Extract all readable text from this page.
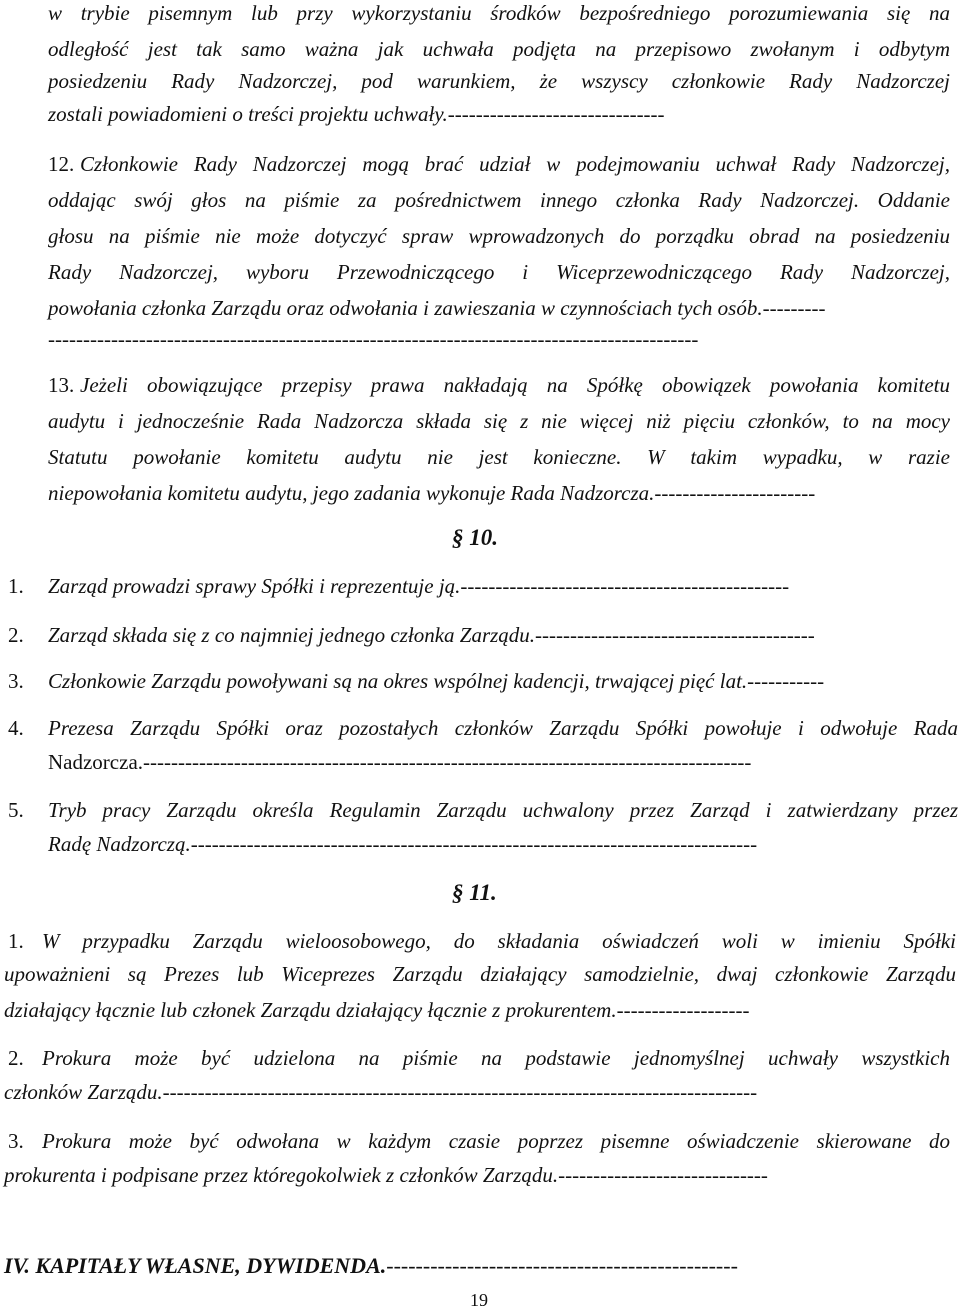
w trybie pisemnym lub przy wykorzystaniu środków bezpośredniego porozumiewania się na
odległość jest tak samo ważna jak uchwała podjęta na przepisowo zwołanym i odbytym
posiedzeniu Rady Nadzorczej, pod warunkiem, że wszyscy członkowie Rady Nadzorczej
zostali powiadomieni o treści projektu uchwały.-------------------------------
12. Członkowie Rady Nadzorczej mogą brać udział w podejmowaniu uchwał Rady Nadzorczej,
oddając swój głos na piśmie za pośrednictwem innego członka Rady Nadzorczej. Oddanie
głosu na piśmie nie może dotyczyć spraw wprowadzonych do porządku obrad na posiedzeniu
Rady Nadzorczej, wyboru Przewodniczącego i Wiceprzewodniczącego Rady Nadzorczej,
powołania członka Zarządu oraz odwołania i zawieszania w czynnościach tych osób.---------
---------------------------------------------------------------------------------------------
13. Jeżeli obowiązujące przepisy prawa nakładają na Spółkę obowiązek powołania komitetu
audytu i jednocześnie Rada Nadzorcza składa się z nie więcej niż pięciu członków, to na mocy
Statutu powołanie komitetu audytu nie jest konieczne. W takim wypadku, w razie
niepowołania komitetu audytu, jego zadania wykonuje Rada Nadzorcza.-----------------------
§ 10.
1. Zarząd prowadzi sprawy Spółki i reprezentuje ją.-----------------------------------------------
2. Zarząd składa się z co najmniej jednego członka Zarządu.----------------------------------------
3. Członkowie Zarządu powoływani są na okres wspólnej kadencji, trwającej pięć lat.-----------
4. Prezesa Zarządu Spółki oraz pozostałych członków Zarządu Spółki powołuje i odwołuje Rada
Nadzorcza.---------------------------------------------------------------------------------------
5. Tryb pracy Zarządu określa Regulamin Zarządu uchwalony przez Zarząd i zatwierdzany przez
Radę Nadzorczą.---------------------------------------------------------------------------------
§ 11.
1. W przypadku Zarządu wieloosobowego, do składania oświadczeń woli w imieniu Spółki
upoważnieni są Prezes lub Wiceprezes Zarządu działający samodzielnie, dwaj członkowie Zarządu
działający łącznie lub członek Zarządu działający łącznie z prokurentem.-------------------
2. Prokura może być udzielona na piśmie na podstawie jednomyślnej uchwały wszystkich
członków Zarządu.-------------------------------------------------------------------------------------
3. Prokura może być odwołana w każdym czasie poprzez pisemne oświadczenie skierowane do
prokurenta i podpisane przez któregokolwiek z członków Zarządu.------------------------------
IV. KAPITAŁY WŁASNE, DYWIDENDA.------------------------------------------------
19
